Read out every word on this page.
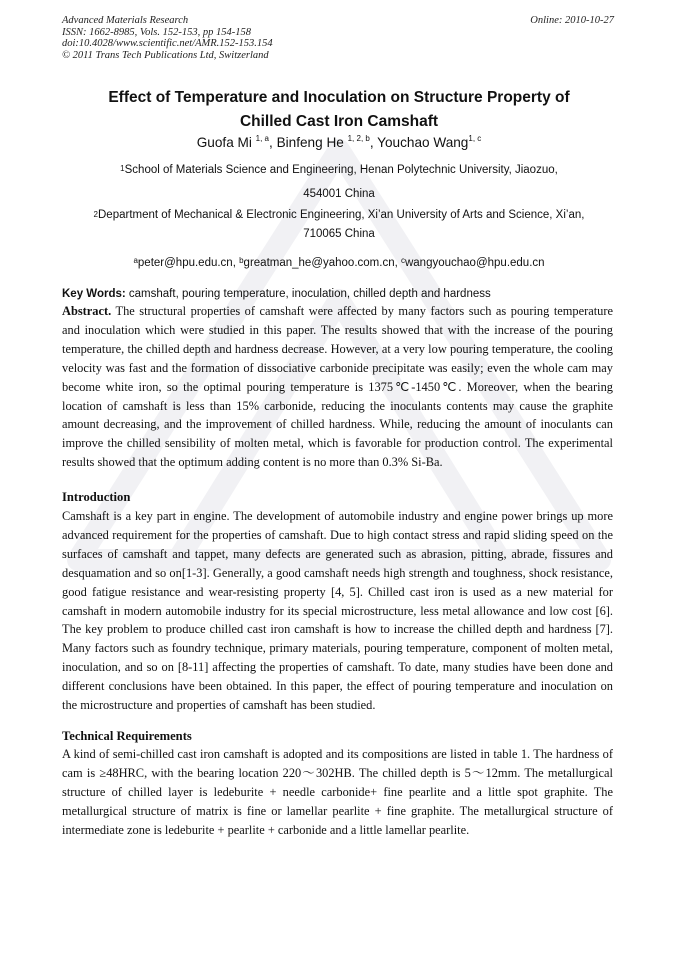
Advanced Materials Research
ISSN: 1662-8985, Vols. 152-153, pp 154-158
doi:10.4028/www.scientific.net/AMR.152-153.154
© 2011 Trans Tech Publications Ltd, Switzerland
Online: 2010-10-27
Effect of Temperature and Inoculation on Structure Property of
Chilled Cast Iron Camshaft
Guofa Mi $^{1, a}$, Binfeng He $^{1, 2, b}$, Youchao Wang$^{1, c}$
$^1$School of Materials Science and Engineering, Henan Polytechnic University, Jiaozuo,
454001 China
$^2$Department of Mechanical & Electronic Engineering, Xi’an University of Arts and Science, Xi’an,
710065 China
$^a$peter@hpu.edu.cn, $^b$greatman_he@yahoo.com.cn, $^c$wangyouchao@hpu.edu.cn
Key Words: camshaft, pouring temperature, inoculation, chilled depth and hardness
Abstract. The structural properties of camshaft were affected by many factors such as pouring temperature and inoculation which were studied in this paper. The results showed that with the increase of the pouring temperature, the chilled depth and hardness decrease. However, at a very low pouring temperature, the cooling velocity was fast and the formation of dissociative carbonide precipitate was easily; even the whole cam may become white iron, so the optimal pouring temperature is 1375℃-1450℃. Moreover, when the bearing location of camshaft is less than 15% carbonide, reducing the inoculants contents may cause the graphite amount decreasing, and the improvement of chilled hardness. While, reducing the amount of inoculants can improve the chilled sensibility of molten metal, which is favorable for production control. The experimental results showed that the optimum adding content is no more than 0.3% Si-Ba.
Introduction
Camshaft is a key part in engine. The development of automobile industry and engine power brings up more advanced requirement for the properties of camshaft. Due to high contact stress and rapid sliding speed on the surfaces of camshaft and tappet, many defects are generated such as abrasion, pitting, abrade, fissures and desquamation and so on[1-3]. Generally, a good camshaft needs high strength and toughness, shock resistance, good fatigue resistance and wear-resisting property [4, 5]. Chilled cast iron is used as a new material for camshaft in modern automobile industry for its special microstructure, less metal allowance and low cost [6]. The key problem to produce chilled cast iron camshaft is how to increase the chilled depth and hardness [7]. Many factors such as foundry technique, primary materials, pouring temperature, component of molten metal, inoculation, and so on [8-11] affecting the properties of camshaft. To date, many studies have been done and different conclusions have been obtained. In this paper, the effect of pouring temperature and inoculation on the microstructure and properties of camshaft has been studied.
Technical Requirements
A kind of semi-chilled cast iron camshaft is adopted and its compositions are listed in table 1. The hardness of cam is ≥48HRC, with the bearing location 220～302HB. The chilled depth is 5～12mm. The metallurgical structure of chilled layer is ledeburite + needle carbonide+ fine pearlite and a little spot graphite. The metallurgical structure of matrix is fine or lamellar pearlite + fine graphite. The metallurgical structure of intermediate zone is ledeburite + pearlite + carbonide and a little lamellar pearlite.
